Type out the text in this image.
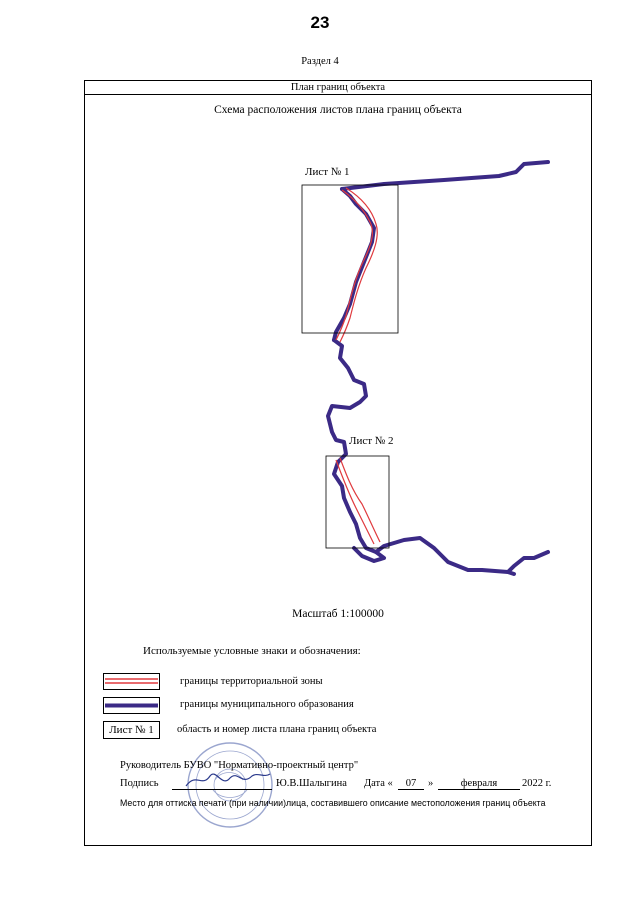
23
Раздел 4
План границ объекта
Схема расположения листов плана границ объекта
Лист № 1
Лист № 2
Масштаб 1:100000
Используемые условные знаки и обозначения:
границы территориальной зоны
границы муниципального образования
Лист № 1	область и номер листа плана границ объекта
Руководитель БУВО "Нормативно-проектный центр"
Подпись	Ю.В.Шалыгина Дата «	07	»	февраля	2022 г.
Место для оттиска печати (при наличии)лица, составившего описание местоположения границ объекта
